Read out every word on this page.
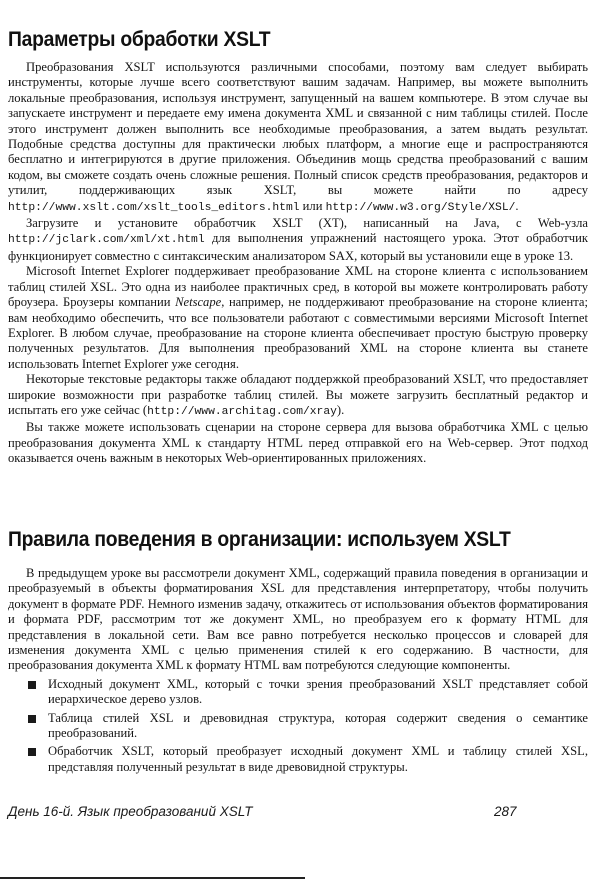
Параметры обработки XSLT

Преобразования XSLT используются различными способами, поэтому вам следует выбирать инструменты, которые лучше всего соответствуют вашим задачам. Например, вы можете выполнить локальные преобразования, используя инструмент, запущенный на вашем компьютере. В этом случае вы запускаете инструмент и передаете ему имена документа XML и связанной с ним таблицы стилей. После этого инструмент должен выполнить все необходимые преобразования, а затем выдать результат. Подобные средства доступны для практически любых платформ, а многие еще и распространяются бесплатно и интегрируются в другие приложения. Объединив мощь средства преобразований с вашим кодом, вы сможете создать очень сложные решения. Полный список средств преобразования, редакторов и утилит, поддерживающих язык XSLT, вы можете найти по адресу http://www.xslt.com/xslt_tools_editors.html или http://www.w3.org/Style/XSL/.

Загрузите и установите обработчик XSLT (XT), написанный на Java, с Web-узла http://jclark.com/xml/xt.html для выполнения упражнений настоящего урока. Этот обработчик функционирует совместно с синтаксическим анализатором SAX, который вы установили еще в уроке 13.

Microsoft Internet Explorer поддерживает преобразование XML на стороне клиента с использованием таблиц стилей XSL. Это одна из наиболее практичных сред, в которой вы можете контролировать работу броузера. Броузеры компании Netscape, например, не поддерживают преобразование на стороне клиента; вам необходимо обеспечить, что все пользователи работают с совместимыми версиями Microsoft Internet Explorer. В любом случае, преобразование на стороне клиента обеспечивает простую быструю проверку полученных результатов. Для выполнения преобразований XML на стороне клиента вы станете использовать Internet Explorer уже сегодня.

Некоторые текстовые редакторы также обладают поддержкой преобразований XSLT, что предоставляет широкие возможности при разработке таблиц стилей. Вы можете загрузить бесплатный редактор и испытать его уже сейчас (http://www.architag.com/xray).

Вы также можете использовать сценарии на стороне сервера для вызова обработчика XML с целью преобразования документа XML к стандарту HTML перед отправкой его на Web-сервер. Этот подход оказывается очень важным в некоторых Web-ориентированных приложениях.

Правила поведения в организации: используем XSLT

В предыдущем уроке вы рассмотрели документ XML, содержащий правила поведения в организации и преобразуемый в объекты форматирования XSL для представления интерпретатору, чтобы получить документ в формате PDF. Немного изменив задачу, откажитесь от использования объектов форматирования и формата PDF, рассмотрим тот же документ XML, но преобразуем его к формату HTML для представления в локальной сети. Вам все равно потребуется несколько процессов и словарей для изменения документа XML с целью применения стилей к его содержанию. В частности, для преобразования документа XML к формату HTML вам потребуются следующие компоненты.

Исходный документ XML, который с точки зрения преобразований XSLT представляет собой иерархическое дерево узлов.
Таблица стилей XSL и древовидная структура, которая содержит сведения о семантике преобразований.
Обработчик XSLT, который преобразует исходный документ XML и таблицу стилей XSL, представляя полученный результат в виде древовидной структуры.
День 16-й. Язык преобразований XSLT	287
